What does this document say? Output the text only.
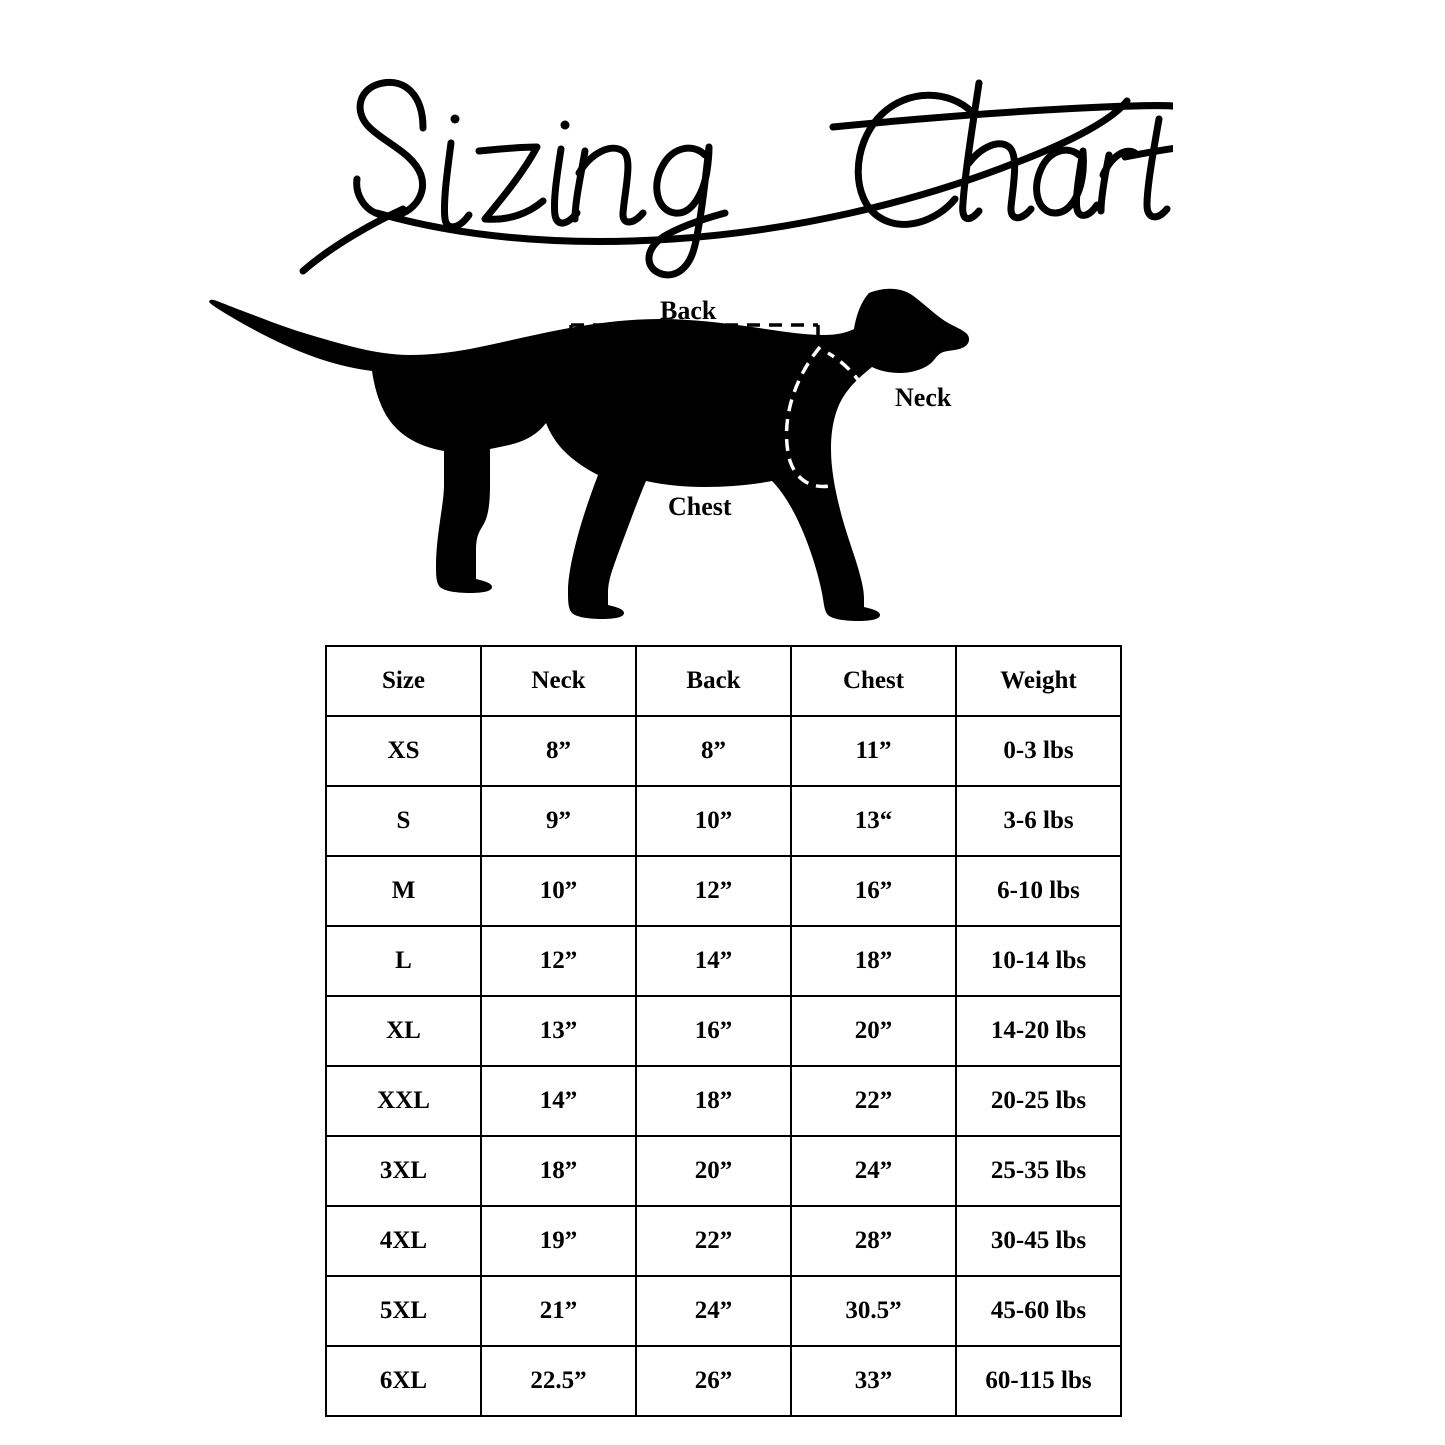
Back
Neck
Chest
Size	Neck	Back	Chest	Weight
XS	8”	8”	11”	0-3 lbs
S	9”	10”	13“	3-6 lbs
M	10”	12”	16”	6-10 lbs
L	12”	14”	18”	10-14 lbs
XL	13”	16”	20”	14-20 lbs
XXL	14”	18”	22”	20-25 lbs
3XL	18”	20”	24”	25-35 lbs
4XL	19”	22”	28”	30-45 lbs
5XL	21”	24”	30.5”	45-60 lbs
6XL	22.5”	26”	33”	60-115 lbs
